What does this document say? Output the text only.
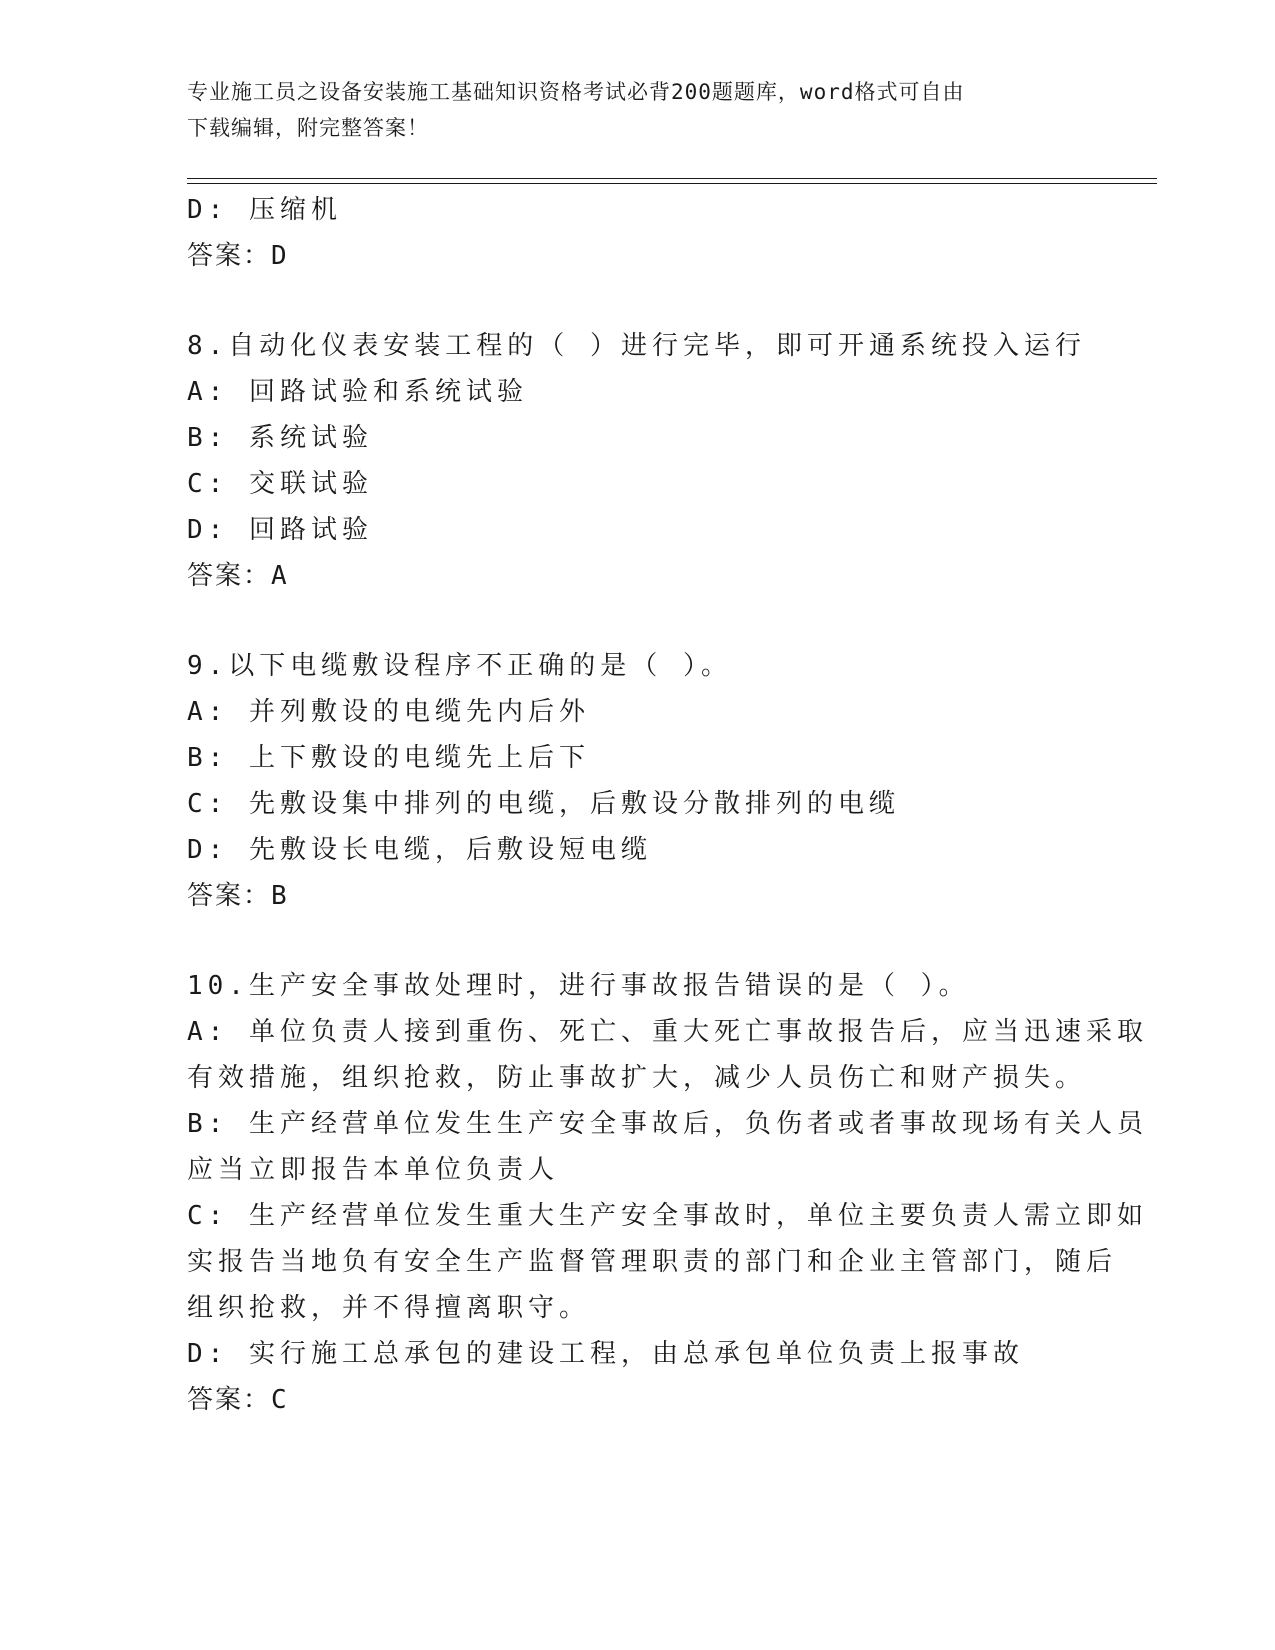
专业施工员之设备安装施工基础知识资格考试必背200题题库，word格式可自由
下载编辑，附完整答案！
D: 压缩机
答案：D
8.自动化仪表安装工程的（ ）进行完毕，即可开通系统投入运行
A: 回路试验和系统试验
B: 系统试验
C: 交联试验
D: 回路试验
答案：A
9.以下电缆敷设程序不正确的是（ ）。
A: 并列敷设的电缆先内后外
B: 上下敷设的电缆先上后下
C: 先敷设集中排列的电缆，后敷设分散排列的电缆
D: 先敷设长电缆，后敷设短电缆
答案：B
10.生产安全事故处理时，进行事故报告错误的是（ ）。
A: 单位负责人接到重伤、死亡、重大死亡事故报告后，应当迅速采取
有效措施，组织抢救，防止事故扩大，减少人员伤亡和财产损失。
B: 生产经营单位发生生产安全事故后，负伤者或者事故现场有关人员
应当立即报告本单位负责人
C: 生产经营单位发生重大生产安全事故时，单位主要负责人需立即如
实报告当地负有安全生产监督管理职责的部门和企业主管部门，随后
组织抢救，并不得擅离职守。
D: 实行施工总承包的建设工程，由总承包单位负责上报事故
答案：C
